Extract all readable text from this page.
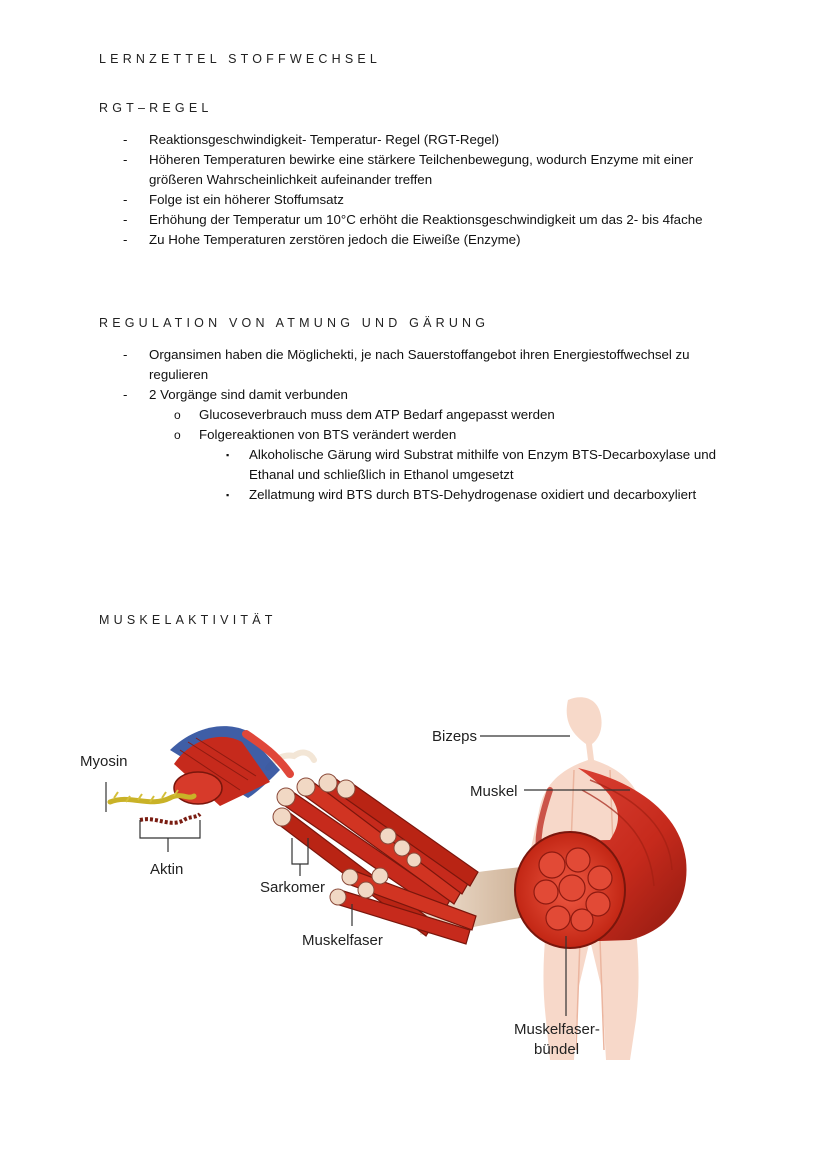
LERNZETTEL STOFFWECHSEL
RGT–REGEL
- Reaktionsgeschwindigkeit- Temperatur- Regel (RGT-Regel)
- Höheren Temperaturen bewirke eine stärkere Teilchenbewegung, wodurch Enzyme mit einer größeren Wahrscheinlichkeit aufeinander treffen
- Folge ist ein höherer Stoffumsatz
- Erhöhung der Temperatur um 10°C erhöht die Reaktionsgeschwindigkeit um das 2- bis 4fache
- Zu Hohe Temperaturen zerstören jedoch die Eiweiße (Enzyme)
REGULATION VON ATMUNG UND GÄRUNG
- Organsimen haben die Möglichekti, je nach Sauerstoffangebot ihren Energiestoffwechsel zu regulieren
- 2 Vorgänge sind damit verbunden
o Glucoseverbrauch muss dem ATP Bedarf angepasst werden
o Folgereaktionen von BTS verändert werden
▪ Alkoholische Gärung wird Substrat mithilfe von Enzym BTS-Decarboxylase und Ethanal und schließlich in Ethanol umgesetzt
▪ Zellatmung wird BTS durch BTS-Dehydrogenase oxidiert und decarboxyliert
MUSKELAKTIVITÄT
Myosin
Aktin
Sarkomer
Muskelfaser
Bizeps
Muskel
Muskelfaser-
bündel
